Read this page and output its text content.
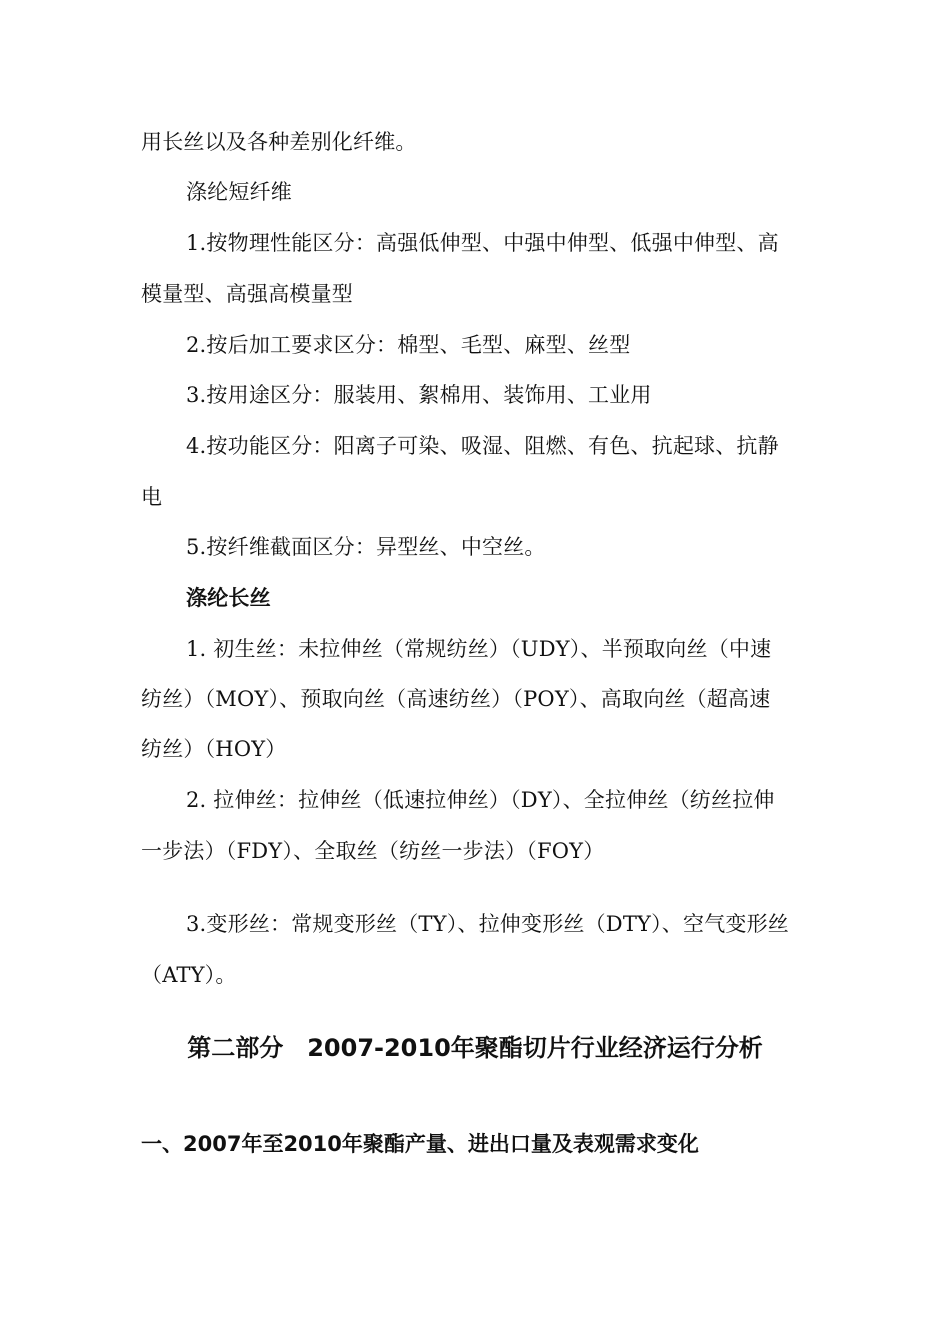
用长丝以及各种差别化纤维。
涤纶短纤维
1.按物理性能区分：高强低伸型、中强中伸型、低强中伸型、高
模量型、高强高模量型
2.按后加工要求区分：棉型、毛型、麻型、丝型
3.按用途区分：服装用、絮棉用、装饰用、工业用
4.按功能区分：阳离子可染、吸湿、阻燃、有色、抗起球、抗静
电
5.按纤维截面区分：异型丝、中空丝。
涤纶长丝
1. 初生丝：未拉伸丝（常规纺丝）（UDY）、半预取向丝（中速
纺丝）（MOY）、预取向丝（高速纺丝）（POY）、高取向丝（超高速
纺丝）（HOY）
2. 拉伸丝：拉伸丝（低速拉伸丝）（DY）、全拉伸丝（纺丝拉伸
一步法）（FDY）、全取丝（纺丝一步法）（FOY）
3.变形丝：常规变形丝（TY）、拉伸变形丝（DTY）、空气变形丝
（ATY）。
第二部分　2007-2010年聚酯切片行业经济运行分析
一、2007年至2010年聚酯产量、进出口量及表观需求变化
